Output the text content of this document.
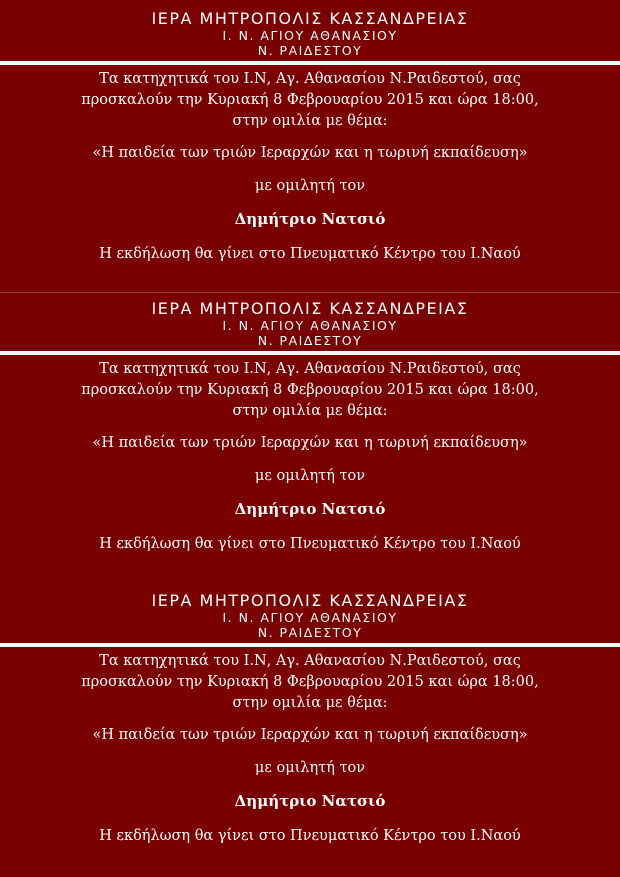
ΙΕΡΑ ΜΗΤΡΟΠΟΛΙΣ ΚΑΣΣΑΝΔΡΕΙΑΣ
Ι. Ν. ΑΓΙΟΥ ΑΘΑΝΑΣΙΟΥ
Ν. ΡΑΙΔΕΣΤΟΥ
Τα κατηχητικά του Ι.Ν, Αγ. Αθανασίου Ν.Ραιδεστού, σας
προσκαλούν την Κυριακή 8 Φεβρουαρίου 2015 και ώρα 18:00,
στην ομιλία με θέμα:
«Η παιδεία των τριών Ιεραρχών και η τωρινή εκπαίδευση»
με ομιλητή τον
Δημήτριο Νατσιό
Η εκδήλωση θα γίνει στο Πνευματικό Κέντρο του Ι.Ναού
ΙΕΡΑ ΜΗΤΡΟΠΟΛΙΣ ΚΑΣΣΑΝΔΡΕΙΑΣ
Ι. Ν. ΑΓΙΟΥ ΑΘΑΝΑΣΙΟΥ
Ν. ΡΑΙΔΕΣΤΟΥ
Τα κατηχητικά του Ι.Ν, Αγ. Αθανασίου Ν.Ραιδεστού, σας
προσκαλούν την Κυριακή 8 Φεβρουαρίου 2015 και ώρα 18:00,
στην ομιλία με θέμα:
«Η παιδεία των τριών Ιεραρχών και η τωρινή εκπαίδευση»
με ομιλητή τον
Δημήτριο Νατσιό
Η εκδήλωση θα γίνει στο Πνευματικό Κέντρο του Ι.Ναού
ΙΕΡΑ ΜΗΤΡΟΠΟΛΙΣ ΚΑΣΣΑΝΔΡΕΙΑΣ
Ι. Ν. ΑΓΙΟΥ ΑΘΑΝΑΣΙΟΥ
Ν. ΡΑΙΔΕΣΤΟΥ
Τα κατηχητικά του Ι.Ν, Αγ. Αθανασίου Ν.Ραιδεστού, σας
προσκαλούν την Κυριακή 8 Φεβρουαρίου 2015 και ώρα 18:00,
στην ομιλία με θέμα:
«Η παιδεία των τριών Ιεραρχών και η τωρινή εκπαίδευση»
με ομιλητή τον
Δημήτριο Νατσιό
Η εκδήλωση θα γίνει στο Πνευματικό Κέντρο του Ι.Ναού
